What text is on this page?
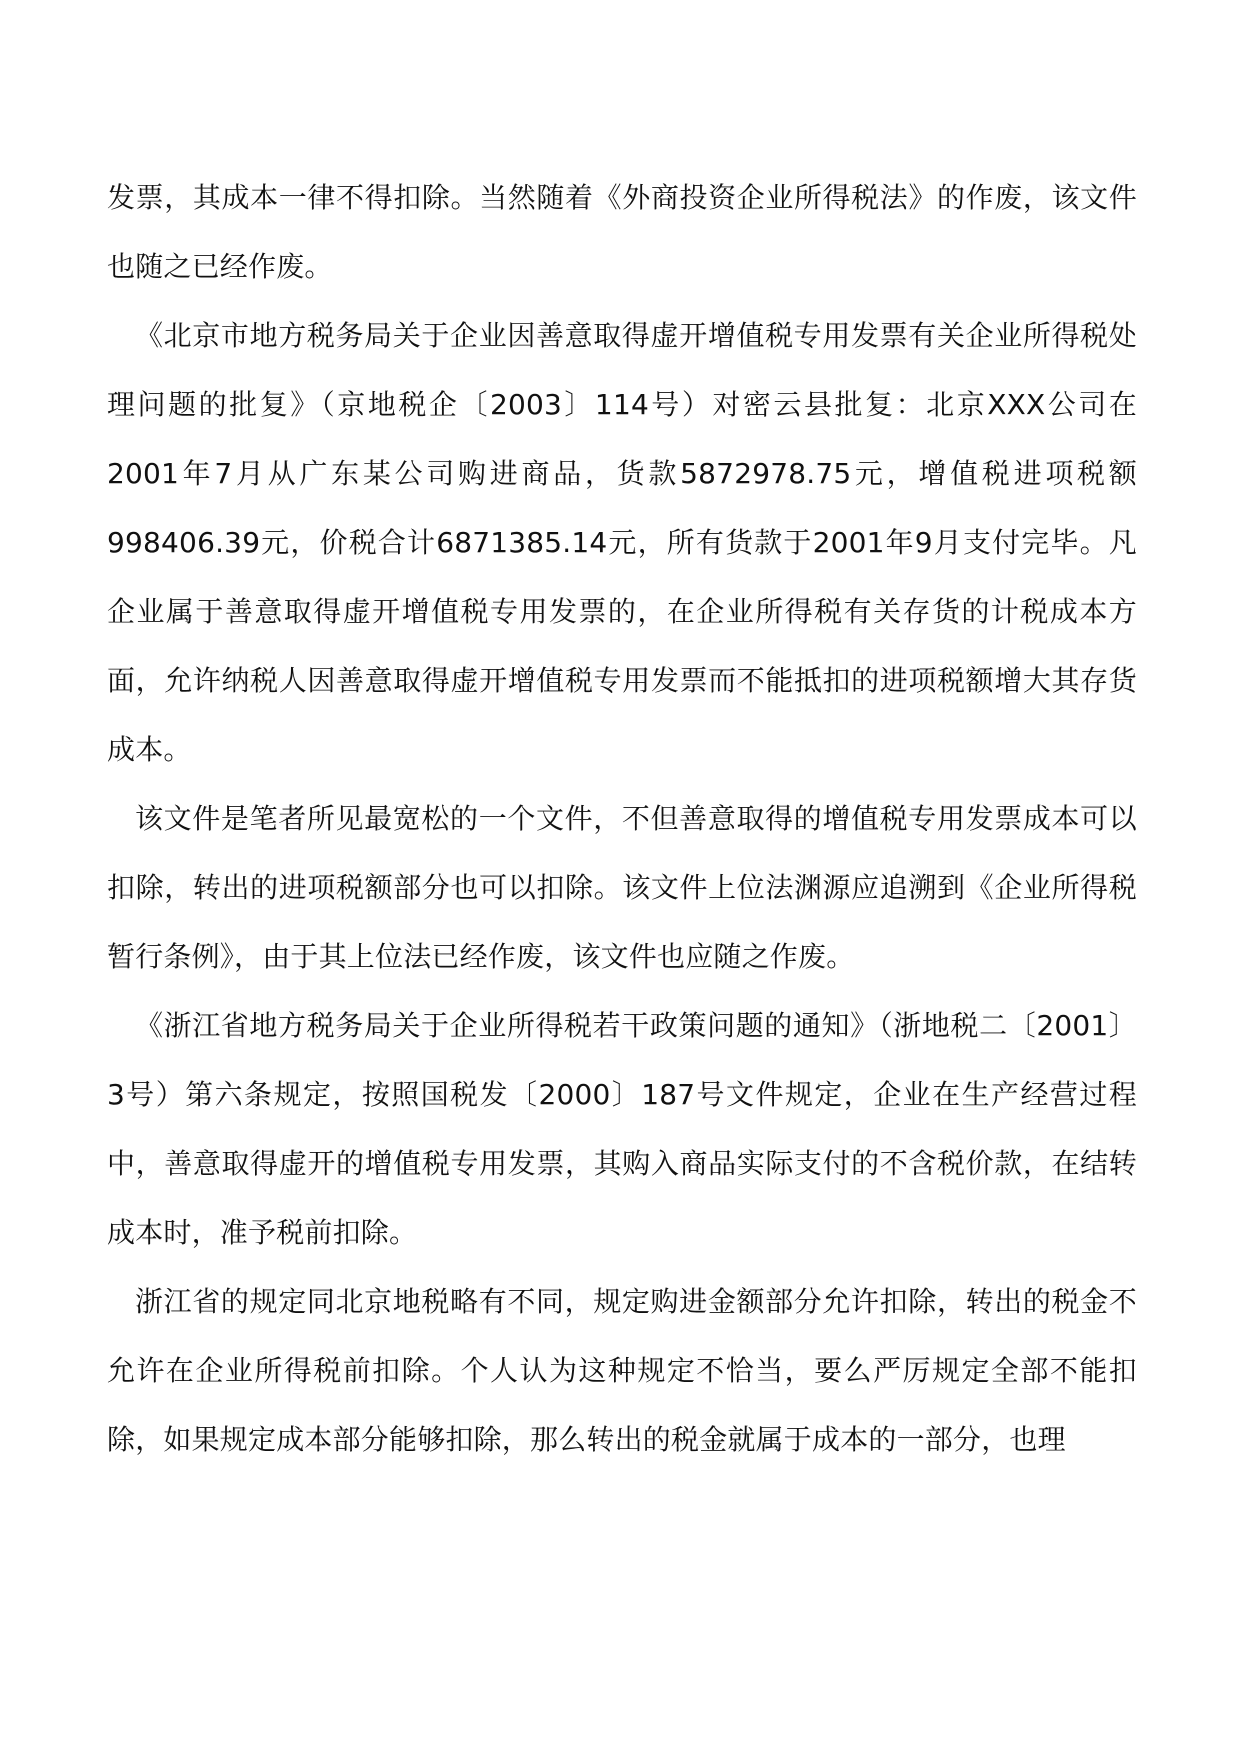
发票，其成本一律不得扣除。当然随着《外商投资企业所得税法》的作废，该文件也随之已经作废。

《北京市地方税务局关于企业因善意取得虚开增值税专用发票有关企业所得税处理问题的批复》（京地税企〔2003〕114号）对密云县批复：北京XXX公司在2001年7月从广东某公司购进商品，货款5872978.75元，增值税进项税额998406.39元，价税合计6871385.14元，所有货款于2001年9月支付完毕。凡企业属于善意取得虚开增值税专用发票的，在企业所得税有关存货的计税成本方面，允许纳税人因善意取得虚开增值税专用发票而不能抵扣的进项税额增大其存货成本。

该文件是笔者所见最宽松的一个文件，不但善意取得的增值税专用发票成本可以扣除，转出的进项税额部分也可以扣除。该文件上位法渊源应追溯到《企业所得税暂行条例》，由于其上位法已经作废，该文件也应随之作废。

《浙江省地方税务局关于企业所得税若干政策问题的通知》（浙地税二〔2001〕3号）第六条规定，按照国税发〔2000〕187号文件规定，企业在生产经营过程中，善意取得虚开的增值税专用发票，其购入商品实际支付的不含税价款，在结转成本时，准予税前扣除。

浙江省的规定同北京地税略有不同，规定购进金额部分允许扣除，转出的税金不允许在企业所得税前扣除。个人认为这种规定不恰当，要么严厉规定全部不能扣除，如果规定成本部分能够扣除，那么转出的税金就属于成本的一部分，也理
